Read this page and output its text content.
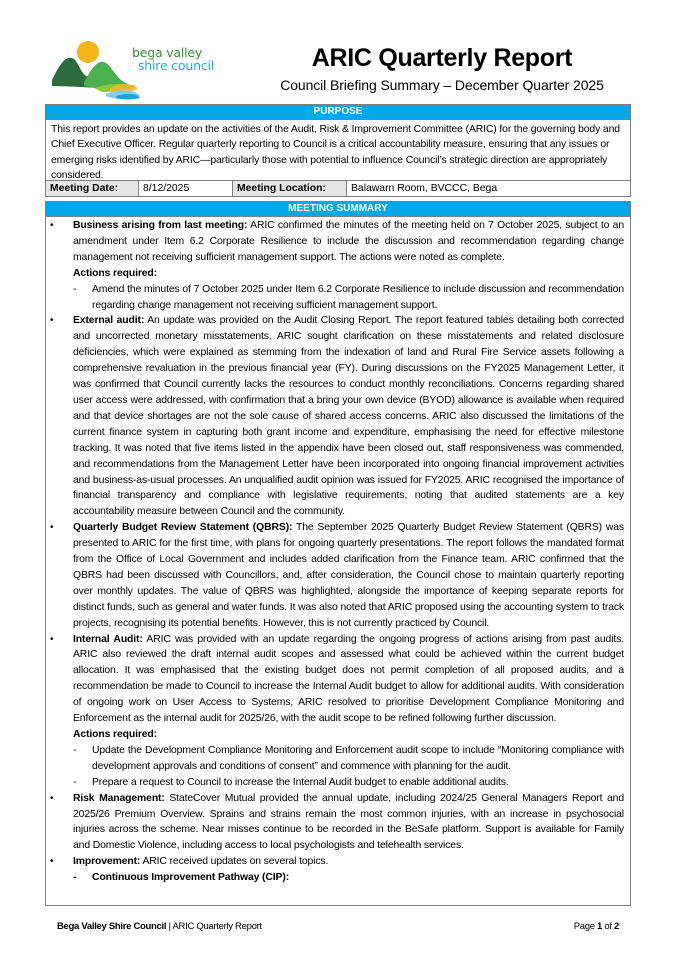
bega valley
shire council	ARIC Quarterly Report
Council Briefing Summary – December Quarter 2025
PURPOSE
This report provides an update on the activities of the Audit, Risk & Improvement Committee (ARIC) for the governing body and Chief Executive Officer. Regular quarterly reporting to Council is a critical accountability measure, ensuring that any issues or emerging risks identified by ARIC—particularly those with potential to influence Council’s strategic direction are appropriately considered.
Meeting Date:	8/12/2025	Meeting Location:	Balawarn Room, BVCCC, Bega
MEETING SUMMARY
•	Business arising from last meeting: ARIC confirmed the minutes of the meeting held on 7 October 2025, subject to an amendment under Item 6.2 Corporate Resilience to include the discussion and recommendation regarding change management not receiving sufficient management support. The actions were noted as complete.
Actions required:
- Amend the minutes of 7 October 2025 under Item 6.2 Corporate Resilience to include discussion and recommendation regarding change management not receiving sufficient management support.
•	External audit: An update was provided on the Audit Closing Report. The report featured tables detailing both corrected and uncorrected monetary misstatements. ARIC sought clarification on these misstatements and related disclosure deficiencies, which were explained as stemming from the indexation of land and Rural Fire Service assets following a comprehensive revaluation in the previous financial year (FY). During discussions on the FY2025 Management Letter, it was confirmed that Council currently lacks the resources to conduct monthly reconciliations. Concerns regarding shared user access were addressed, with confirmation that a bring your own device (BYOD) allowance is available when required and that device shortages are not the sole cause of shared access concerns. ARIC also discussed the limitations of the current finance system in capturing both grant income and expenditure, emphasising the need for effective milestone tracking. It was noted that five items listed in the appendix have been closed out, staff responsiveness was commended, and recommendations from the Management Letter have been incorporated into ongoing financial improvement activities and business-as-usual processes. An unqualified audit opinion was issued for FY2025. ARIC recognised the importance of financial transparency and compliance with legislative requirements, noting that audited statements are a key accountability measure between Council and the community.
•	Quarterly Budget Review Statement (QBRS): The September 2025 Quarterly Budget Review Statement (QBRS) was presented to ARIC for the first time, with plans for ongoing quarterly presentations. The report follows the mandated format from the Office of Local Government and includes added clarification from the Finance team. ARIC confirmed that the QBRS had been discussed with Councillors, and, after consideration, the Council chose to maintain quarterly reporting over monthly updates. The value of QBRS was highlighted, alongside the importance of keeping separate reports for distinct funds, such as general and water funds. It was also noted that ARIC proposed using the accounting system to track projects, recognising its potential benefits. However, this is not currently practiced by Council.
•	Internal Audit: ARIC was provided with an update regarding the ongoing progress of actions arising from past audits. ARIC also reviewed the draft internal audit scopes and assessed what could be achieved within the current budget allocation. It was emphasised that the existing budget does not permit completion of all proposed audits, and a recommendation be made to Council to increase the Internal Audit budget to allow for additional audits. With consideration of ongoing work on User Access to Systems, ARIC resolved to prioritise Development Compliance Monitoring and Enforcement as the internal audit for 2025/26, with the audit scope to be refined following further discussion.
Actions required:
- Update the Development Compliance Monitoring and Enforcement audit scope to include “Monitoring compliance with development approvals and conditions of consent” and commence with planning for the audit.
- Prepare a request to Council to increase the Internal Audit budget to enable additional audits.
•	Risk Management: StateCover Mutual provided the annual update, including 2024/25 General Managers Report and 2025/26 Premium Overview. Sprains and strains remain the most common injuries, with an increase in psychosocial injuries across the scheme. Near misses continue to be recorded in the BeSafe platform. Support is available for Family and Domestic Violence, including access to local psychologists and telehealth services.
•	Improvement: ARIC received updates on several topics.
- Continuous Improvement Pathway (CIP):
Bega Valley Shire Council | ARIC Quarterly Report	Page 1 of 2
